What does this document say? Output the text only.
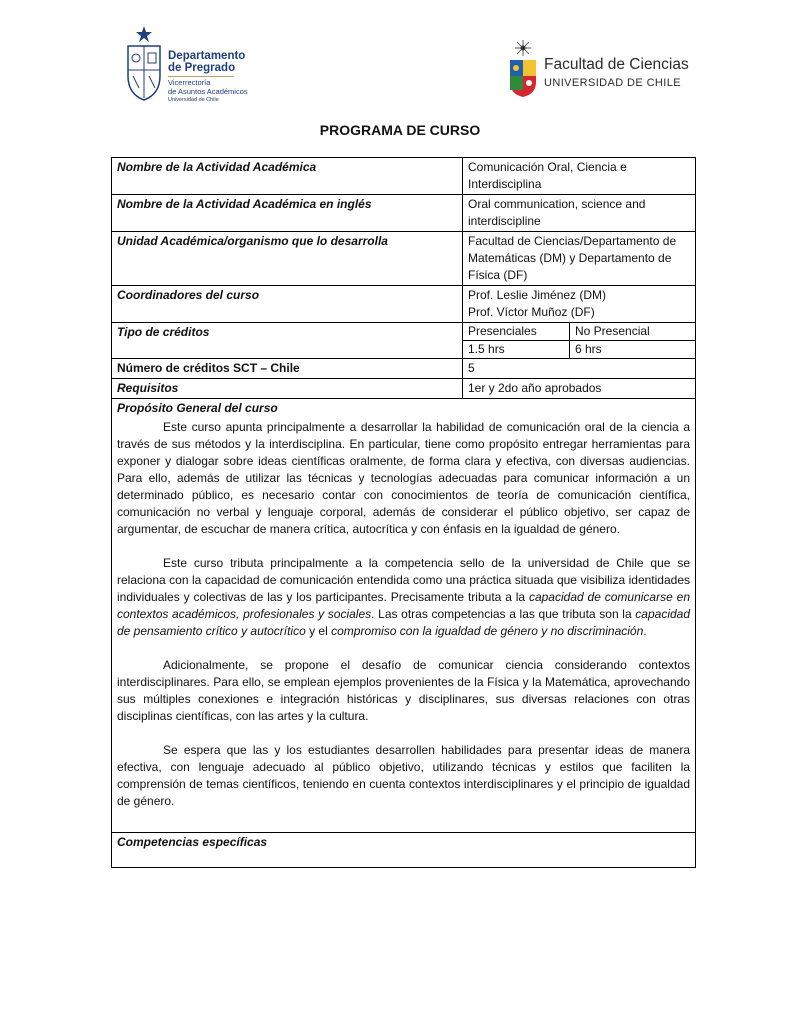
Departamento
de Pregrado
Vicerrectoría
de Asuntos Académicos
Universidad de Chile
Facultad de Ciencias
UNIVERSIDAD DE CHILE
PROGRAMA DE CURSO
Nombre de la Actividad Académica	Comunicación Oral, Ciencia e Interdisciplina
Nombre de la Actividad Académica en inglés	Oral communication, science and interdiscipline
Unidad Académica/organismo que lo desarrolla	Facultad de Ciencias/Departamento de Matemáticas (DM) y Departamento de Física (DF)
Coordinadores del curso	Prof. Leslie Jiménez (DM)
Prof. Víctor Muñoz (DF)

Tipo de créditos		Presenciales	No Presencial
1.5 hrs	6 hrs

Número de créditos SCT – Chile	5
Requisitos	1er y 2do año aprobados
Propósito General del curso

Este curso apunta principalmente a desarrollar la habilidad de comunicación oral de la ciencia a través de sus métodos y la interdisciplina. En particular, tiene como propósito entregar herramientas para exponer y dialogar sobre ideas científicas oralmente, de forma clara y efectiva, con diversas audiencias. Para ello, además de utilizar las técnicas y tecnologías adecuadas para comunicar información a un determinado público, es necesario contar con conocimientos de teoría de comunicación científica, comunicación no verbal y lenguaje corporal, además de considerar el público objetivo, ser capaz de argumentar, de escuchar de manera crítica, autocrítica y con énfasis en la igualdad de género.

Este curso tributa principalmente a la competencia sello de la universidad de Chile que se relaciona con la capacidad de comunicación entendida como una práctica situada que visibiliza identidades individuales y colectivas de las y los participantes. Precisamente tributa a la capacidad de comunicarse en contextos académicos, profesionales y sociales. Las otras competencias a las que tributa son la capacidad de pensamiento crítico y autocrítico y el compromiso con la igualdad de género y no discriminación.

Adicionalmente, se propone el desafío de comunicar ciencia considerando contextos interdisciplinares. Para ello, se emplean ejemplos provenientes de la Física y la Matemática, aprovechando sus múltiples conexiones e integración históricas y disciplinares, sus diversas relaciones con otras disciplinas científicas, con las artes y la cultura.

Se espera que las y los estudiantes desarrollen habilidades para presentar ideas de manera efectiva, con lenguaje adecuado al público objetivo, utilizando técnicas y estilos que faciliten la comprensión de temas científicos, teniendo en cuenta contextos interdisciplinares y el principio de igualdad de género.

Competencias específicas
